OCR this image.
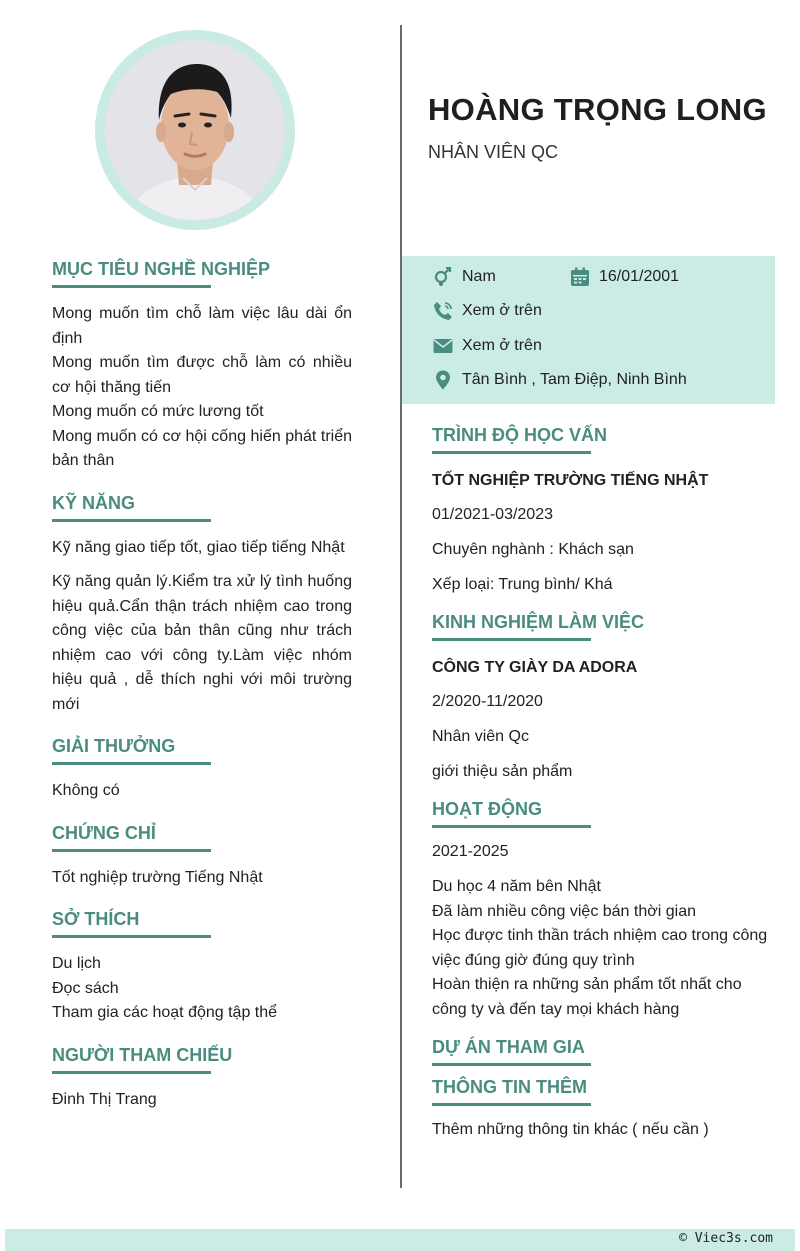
HOÀNG TRỌNG LONG
NHÂN VIÊN QC
Nam	16/01/2001
Xem ở trên
Xem ở trên
Tân Bình , Tam Điệp, Ninh Bình
MỤC TIÊU NGHỀ NGHIỆP

Mong muốn tìm chỗ làm việc lâu dài ổn định
Mong muốn tìm được chỗ làm có nhiều cơ hội thăng tiến
Mong muốn có mức lương tốt
Mong muốn có cơ hội cống hiến phát triển bản thân

KỸ NĂNG

Kỹ năng giao tiếp tốt, giao tiếp tiếng Nhật

Kỹ năng quản lý.Kiểm tra xử lý tình huống hiệu quả.Cẩn thận trách nhiệm cao trong công việc của bản thân cũng như trách nhiệm cao với công ty.Làm việc nhóm hiệu quả , dễ thích nghi với môi trường mới

GIẢI THƯỞNG

Không có

CHỨNG CHỈ

Tốt nghiệp trường Tiếng Nhật

SỞ THÍCH
Du lịch
Đọc sách
Tham gia các hoạt động tập thể
NGƯỜI THAM CHIẾU

Đinh Thị Trang

TRÌNH ĐỘ HỌC VẤN
TỐT NGHIỆP TRƯỜNG TIẾNG NHẬT
01/2021-03/2023
Chuyên nghành : Khách sạn
Xếp loại: Trung bình/ Khá
KINH NGHIỆM LÀM VIỆC
CÔNG TY GIÀY DA ADORA
2/2020-11/2020
Nhân viên Qc
giới thiệu sản phẩm
HOẠT ĐỘNG
2021-2025
Du học 4 năm bên Nhật
Đã làm nhiều công việc bán thời gian
Học được tinh thần trách nhiệm cao trong công việc đúng giờ đúng quy trình
Hoàn thiện ra những sản phẩm tốt nhất cho công ty và đến tay mọi khách hàng
DỰ ÁN THAM GIA
THÔNG TIN THÊM
Thêm những thông tin khác ( nếu cần )
© Viec3s.com
